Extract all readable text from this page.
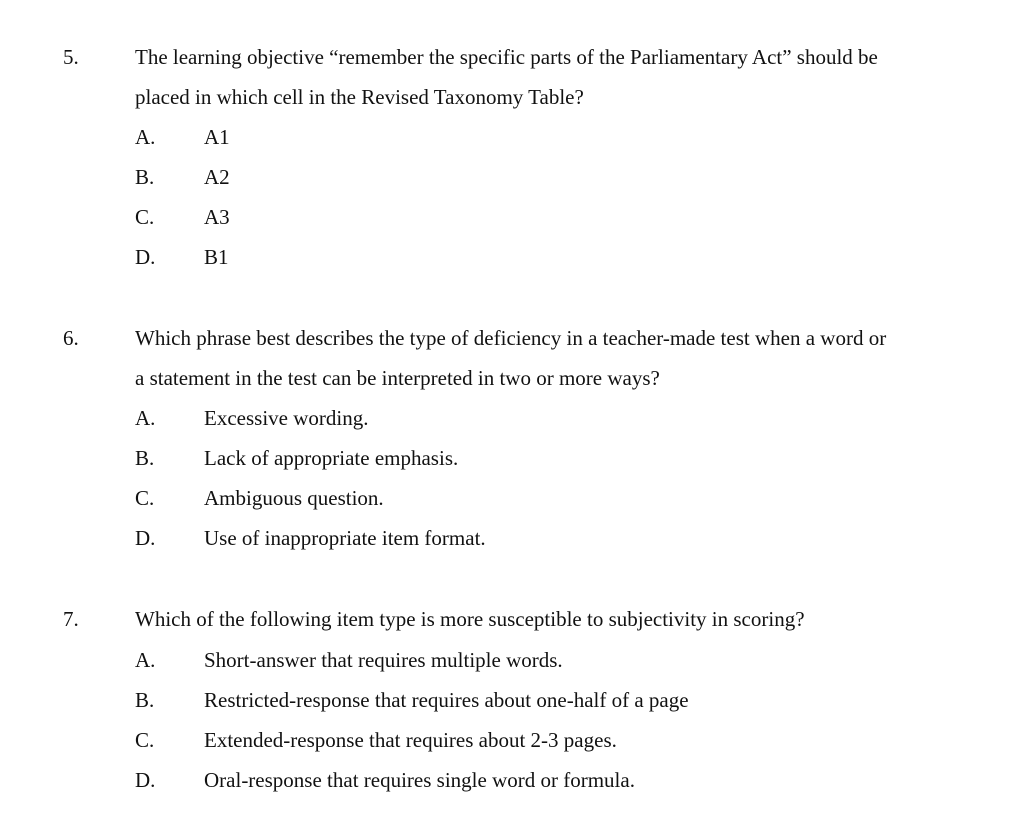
5.	The learning objective “remember the specific parts of the Parliamentary Act” should be
placed in which cell in the Revised Taxonomy Table?
A.	A1
B.	A2
C.	A3
D.	B1
6.	Which phrase best describes the type of deficiency in a teacher-made test when a word or
a statement in the test can be interpreted in two or more ways?
A.	Excessive wording.
B.	Lack of appropriate emphasis.
C.	Ambiguous question.
D.	Use of inappropriate item format.
7.	Which of the following item type is more susceptible to subjectivity in scoring?
A.	Short-answer that requires multiple words.
B.	Restricted-response that requires about one-half of a page
C.	Extended-response that requires about 2-3 pages.
D.	Oral-response that requires single word or formula.
